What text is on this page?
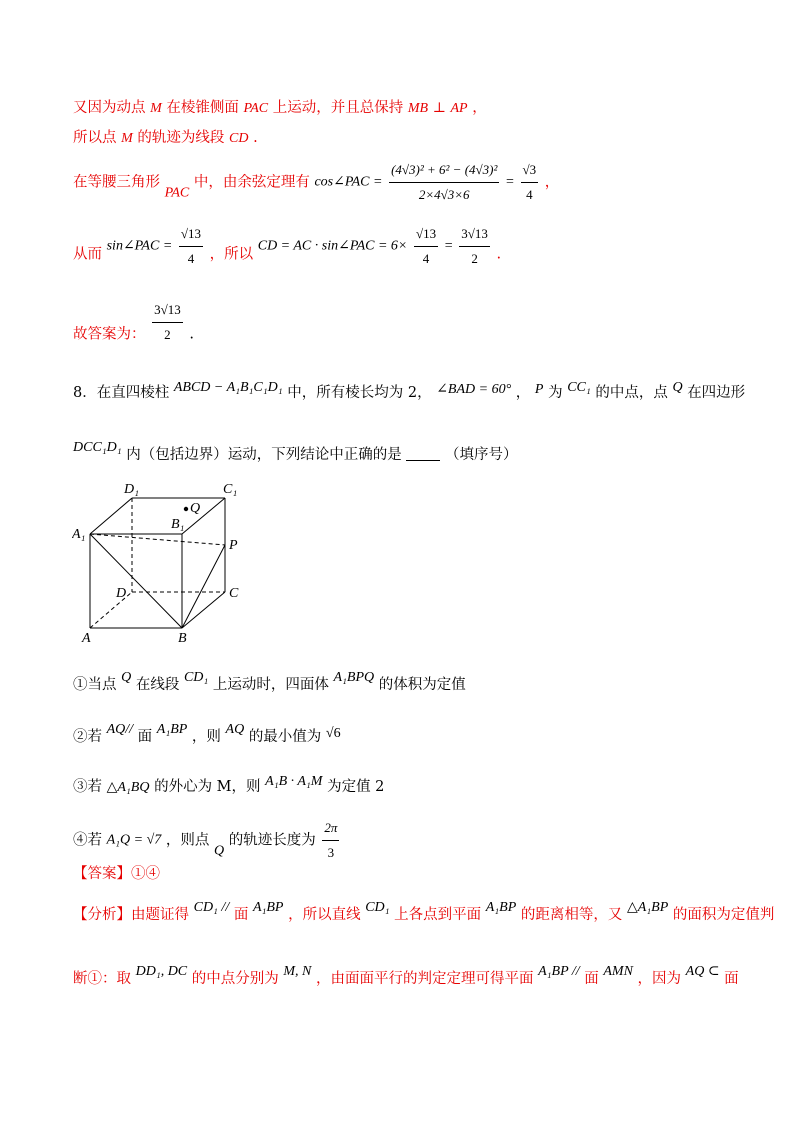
又因为动点 M 在棱锥侧面 PAC 上运动，并且总保持 MB ⊥ AP ，
所以点 M 的轨迹为线段 CD .
在等腰三角形 PAC 中，由余弦定理有 cos∠PAC = $\frac{\text{(4√3)² + 6² − (4√3)²}}{2\times 4√3\times 6} = \frac{√3}{4}$ ，
从而 sin∠PAC = $\frac{√13}{4}$ ，所以 CD = AC · sin∠PAC = $6\times \frac{√13}{4} = \frac{3√13}{2}$ .
故答案为： $\frac{3√13}{2}$ .
8．在直四棱柱 ABCD − A₁B₁C₁D₁ 中，所有棱长均为 2， ∠BAD = 60° ， P 为 CC₁ 的中点，点 Q 在四边形
DCC₁D₁ 内（包括边界）运动，下列结论中正确的是	（填序号）
D₁	C₁
Q
B₁
A₁
P
D	C
A	B
①当点 Q 在线段 CD₁ 上运动时，四面体 A₁BPQ 的体积为定值
②若 AQ// 面 A₁BP ，则 AQ 的最小值为 √6
③若 △A₁BQ 的外心为 M，则 A₁B · A₁M 为定值 2
④若 A₁Q = √7 ，则点 Q 的轨迹长度为 $\frac{2\pi}{3}$
【答案】①④
【分析】由题证得 CD₁ // 面 A₁BP ，所以直线 CD₁ 上各点到平面 A₁BP 的距离相等，又 △A₁BP 的面积为定值判
断①：取 DD₁, DC 的中点分别为 M, N ，由面面平行的判定定理可得平面 A₁BP // 面 AMN ，因为 AQ ⊂ 面
